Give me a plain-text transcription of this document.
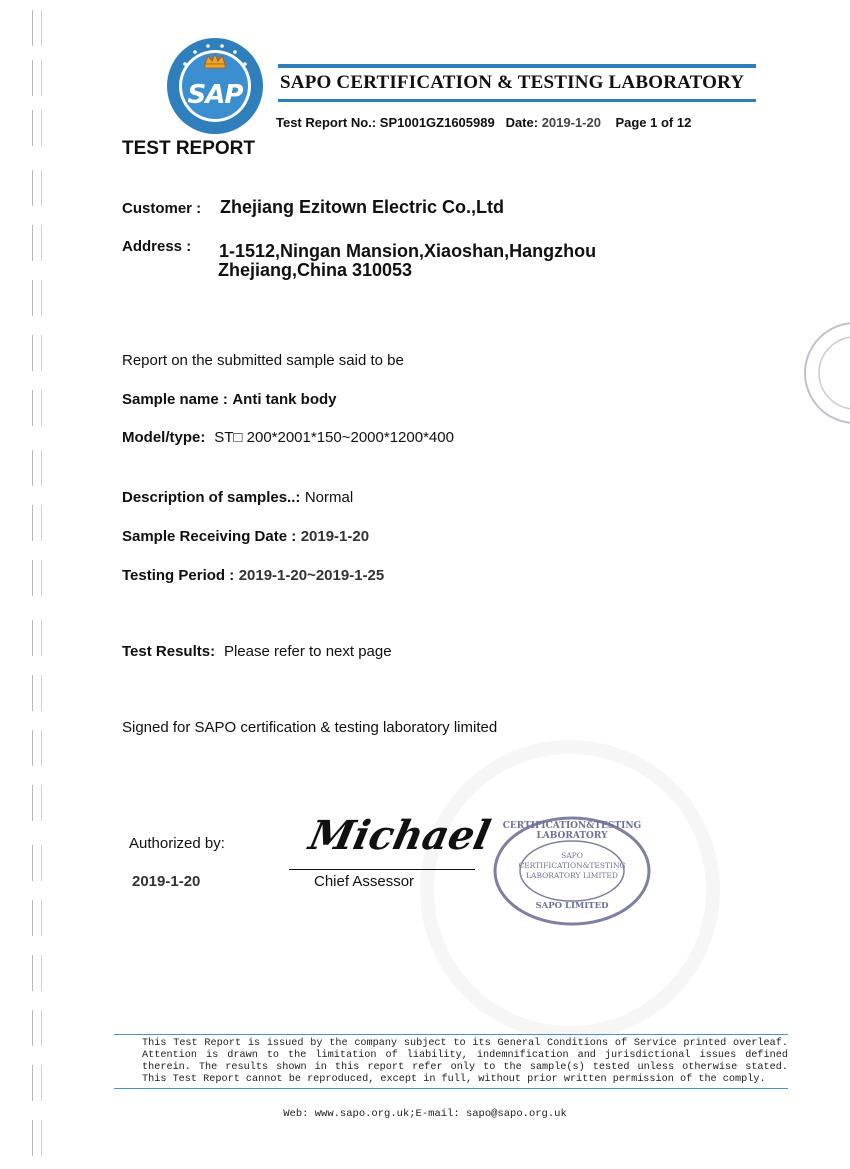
SAP SAPO CERTIFICATION & TESTING LABORATORY
Test Report No.: SP1001GZ1605989 Date: 2019-1-20 Page 1 of 12
TEST REPORT
Customer : Zhejiang Ezitown Electric Co.,Ltd
Address : 1-1512,Ningan Mansion,Xiaoshan,Hangzhou
Zhejiang,China 310053
Report on the submitted sample said to be
Sample name : Anti tank body
Model/type: ST□ 200*2001*150~2000*1200*400
Description of samples..: Normal
Sample Receiving Date : 2019-1-20
Testing Period : 2019-1-20~2019-1-25
Test Results: Please refer to next page
Signed for SAPO certification & testing laboratory limited
Authorized by:
2019-1-20
Michael
Chief Assessor
CERTIFICATION&TESTING LABORATORY
SAPO
CERTIFICATION&TESTING
LABORATORY LIMITED
SAPO LIMITED
This Test Report is issued by the company subject to its General Conditions of Service printed overleaf. Attention is drawn to the limitation of liability, indemnification and jurisdictional issues defined therein. The results shown in this report refer only to the sample(s) tested unless otherwise stated. This Test Report cannot be reproduced, except in full, without prior written permission of the comply.
Web: www.sapo.org.uk;E-mail: sapo@sapo.org.uk
